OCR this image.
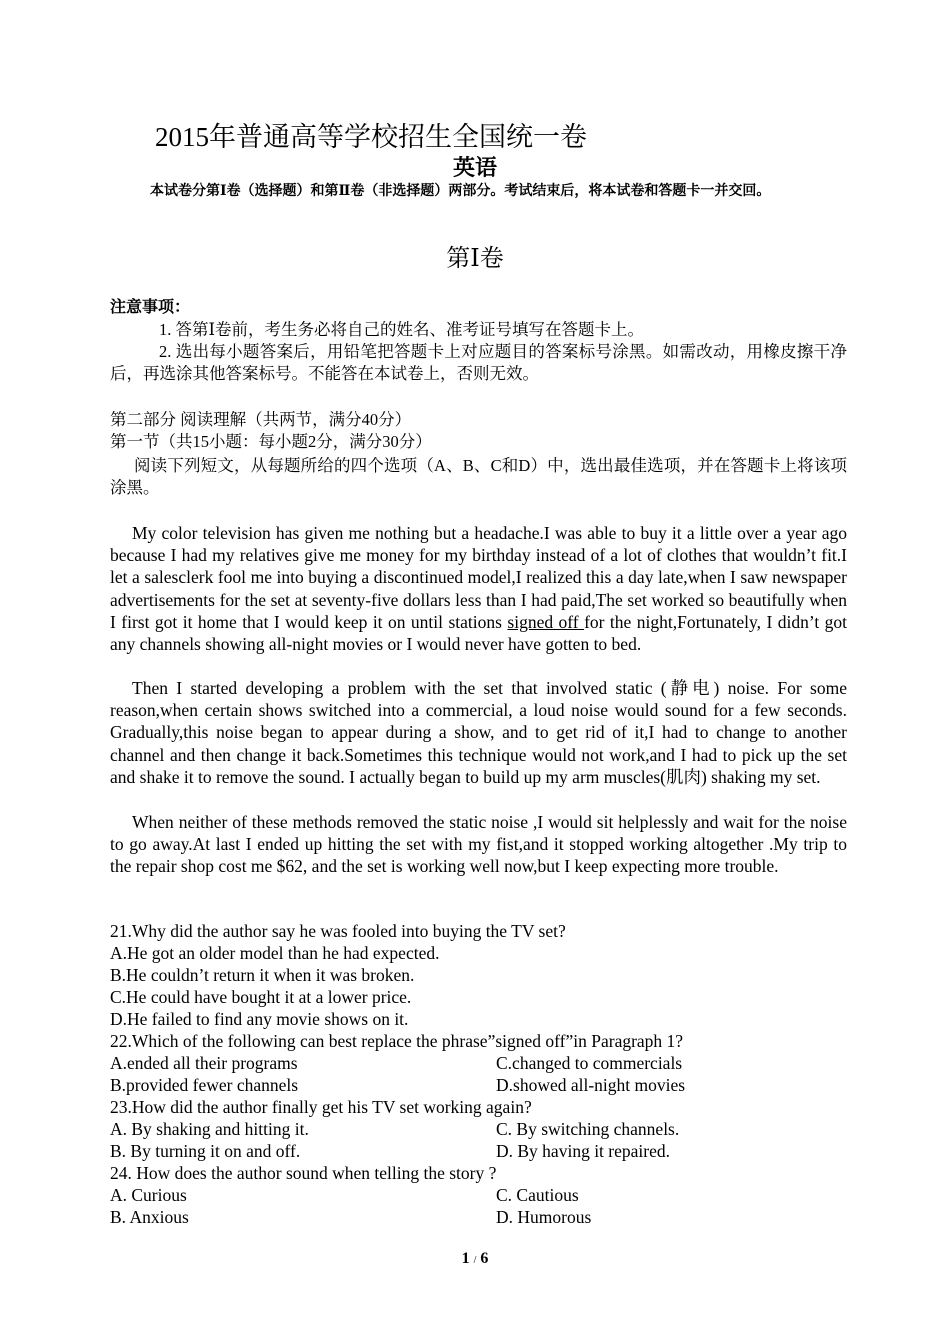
2015年普通高等学校招生全国统一卷
英语
本试卷分第Ⅰ卷（选择题）和第Ⅱ卷（非选择题）两部分。考试结束后，将本试卷和答题卡一并交回。
第Ⅰ卷
注意事项：
1. 答第Ⅰ卷前，考生务必将自己的姓名、准考证号填写在答题卡上。
2. 选出每小题答案后，用铅笔把答题卡上对应题目的答案标号涂黑。如需改动，用橡皮擦干净后，再选涂其他答案标号。不能答在本试卷上，否则无效。
第二部分 阅读理解（共两节，满分40分）
第一节（共15小题：每小题2分，满分30分）
阅读下列短文，从每题所给的四个选项（A、B、C和D）中，选出最佳选项，并在答题卡上将该项涂黑。
My color television has given me nothing but a headache.I was able to buy it a little over a year ago because I had my relatives give me money for my birthday instead of a lot of clothes that wouldn’t fit.I let a salesclerk fool me into buying a discontinued model,I realized this a day late,when I saw newspaper advertisements for the set at seventy-five dollars less than I had paid,The set worked so beautifully when I first got it home that I would keep it on until stations signed off for the night,Fortunately, I didn’t got any channels showing all-night movies or I would never have gotten to bed.
Then I started developing a problem with the set that involved static (静电) noise. For some reason,when certain shows switched into a commercial, a loud noise would sound for a few seconds. Gradually,this noise began to appear during a show, and to get rid of it,I had to change to another channel and then change it back.Sometimes this technique would not work,and I had to pick up the set and shake it to remove the sound. I actually began to build up my arm muscles(肌肉) shaking my set.
When neither of these methods removed the static noise ,I would sit helplessly and wait for the noise to go away.At last I ended up hitting the set with my fist,and it stopped working altogether .My trip to the repair shop cost me $62, and the set is working well now,but I keep expecting more trouble.
21.Why did the author say he was fooled into buying the TV set?
A.He got an older model than he had expected.
B.He couldn’t return it when it was broken.
C.He could have bought it at a lower price.
D.He failed to find any movie shows on it.
22.Which of the following can best replace the phrase”signed off”in Paragraph 1?
A.ended all their programs	C.changed to commercials
B.provided fewer channels	D.showed all-night movies
23.How did the author finally get his TV set working again?
A. By shaking and hitting it.	C. By switching channels.
B. By turning it on and off.	D. By having it repaired.
24. How does the author sound when telling the story ?
A. Curious	C. Cautious
B. Anxious	D. Humorous
1 / 6
